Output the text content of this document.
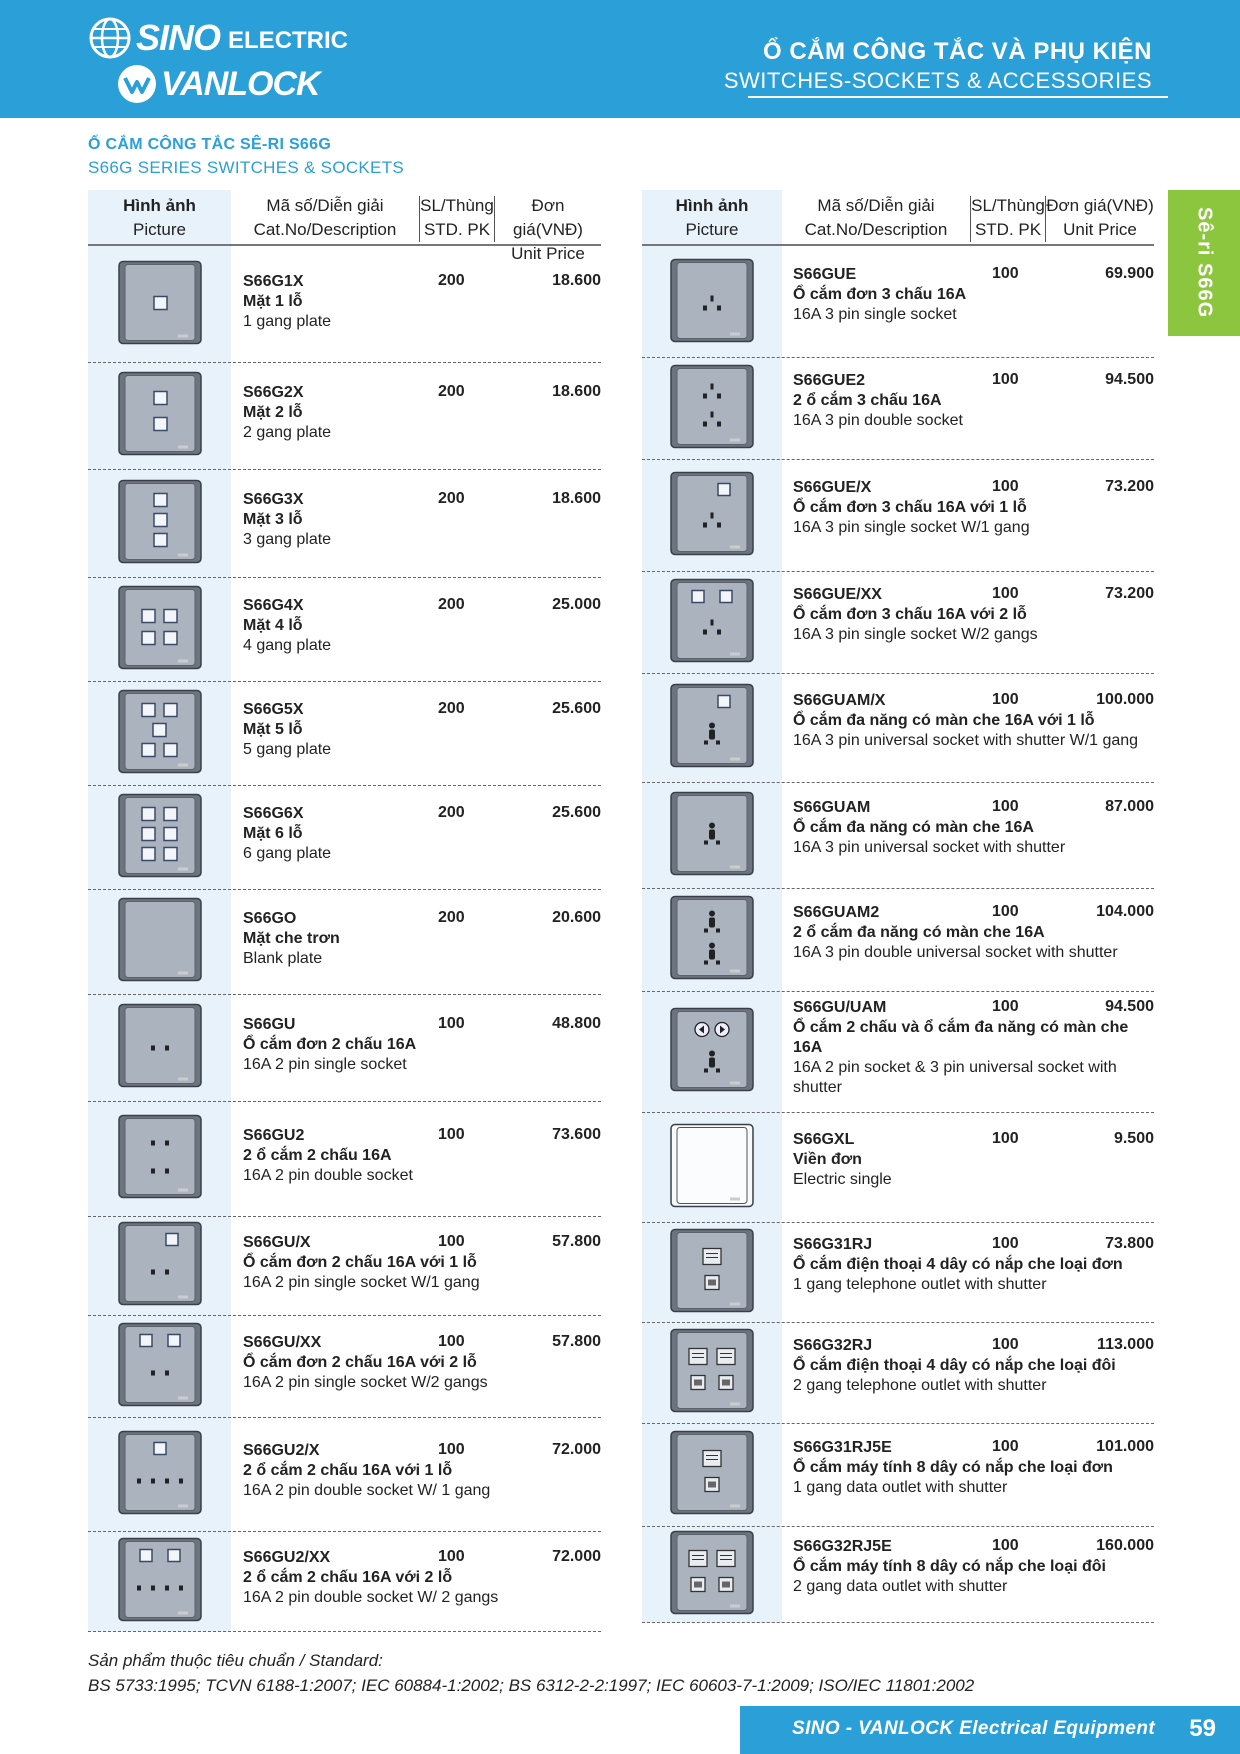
SINO ELECTRIC
VANLOCK
Ổ CẮM CÔNG TẮC VÀ PHỤ KIỆN
SWITCHES-SOCKETS & ACCESSORIES
Ổ CẮM CÔNG TẮC SÊ-RI S66G
S66G SERIES SWITCHES & SOCKETS
Sê-ri S66G
Hình ảnh
Picture
Mã số/Diễn giải
Cat.No/Description
SL/Thùng
STD. PK
Đơn giá(VNĐ)
Unit Price
S66G1X
Mặt 1 lỗ
1 gang plate
200	18.600
S66G2X
Mặt 2 lỗ
2 gang plate
200	18.600
S66G3X
Mặt 3 lỗ
3 gang plate
200	18.600
S66G4X
Mặt 4 lỗ
4 gang plate
200	25.000
S66G5X
Mặt 5 lỗ
5 gang plate
200	25.600
S66G6X
Mặt 6 lỗ
6 gang plate
200	25.600
S66GO
Mặt che trơn
Blank plate
200	20.600
S66GU
Ổ cắm đơn 2 chấu 16A
16A 2 pin single socket
100	48.800
S66GU2
2 ổ cắm 2 chấu 16A
16A 2 pin double socket
100	73.600
S66GU/X
Ổ cắm đơn 2 chấu 16A với 1 lỗ
16A 2 pin single socket W/1 gang
100	57.800
S66GU/XX
Ổ cắm đơn 2 chấu 16A với 2 lỗ
16A 2 pin single socket W/2 gangs
100	57.800
S66GU2/X
2 ổ cắm 2 chấu 16A với 1 lỗ
16A 2 pin double socket W/ 1 gang
100	72.000
S66GU2/XX
2 ổ cắm 2 chấu 16A với 2 lỗ
16A 2 pin double socket W/ 2 gangs
100	72.000
Hình ảnh
Picture
Mã số/Diễn giải
Cat.No/Description
SL/Thùng
STD. PK
Đơn giá(VNĐ)
Unit Price
S66GUE
Ổ cắm đơn 3 chấu 16A
16A 3 pin single socket
100	69.900
S66GUE2
2 ổ cắm 3 chấu 16A
16A 3 pin double socket
100	94.500
S66GUE/X
Ổ cắm đơn 3 chấu 16A với 1 lỗ
16A 3 pin single socket W/1 gang
100	73.200
S66GUE/XX
Ổ cắm đơn 3 chấu 16A với 2 lỗ
16A 3 pin single socket W/2 gangs
100	73.200
S66GUAM/X
Ổ cắm đa năng có màn che 16A với 1 lỗ
16A 3 pin universal socket with shutter W/1 gang
100	100.000
S66GUAM
Ổ cắm đa năng có màn che 16A
16A 3 pin universal socket with shutter
100	87.000
S66GUAM2
2 ổ cắm đa năng có màn che 16A
16A 3 pin double universal socket with shutter
100	104.000
S66GU/UAM
Ổ cắm 2 chấu và ổ cắm đa năng có màn che 16A
16A 2 pin socket & 3 pin universal socket with shutter
100	94.500
S66GXL
Viền đơn
Electric single
100	9.500
S66G31RJ
Ổ cắm điện thoại 4 dây có nắp che loại đơn
1 gang telephone outlet with shutter
100	73.800
S66G32RJ
Ổ cắm điện thoại 4 dây có nắp che loại đôi
2 gang telephone outlet with shutter
100	113.000
S66G31RJ5E
Ổ cắm máy tính 8 dây có nắp che loại đơn
1 gang data outlet with shutter
100	101.000
S66G32RJ5E
Ổ cắm máy tính 8 dây có nắp che loại đôi
2 gang data outlet with shutter
100	160.000
Sản phẩm thuộc tiêu chuẩn / Standard:
BS 5733:1995; TCVN 6188-1:2007; IEC 60884-1:2002; BS 6312-2-2:1997; IEC 60603-7-1:2009; ISO/IEC 11801:2002
SINO - VANLOCK Electrical Equipment 59
